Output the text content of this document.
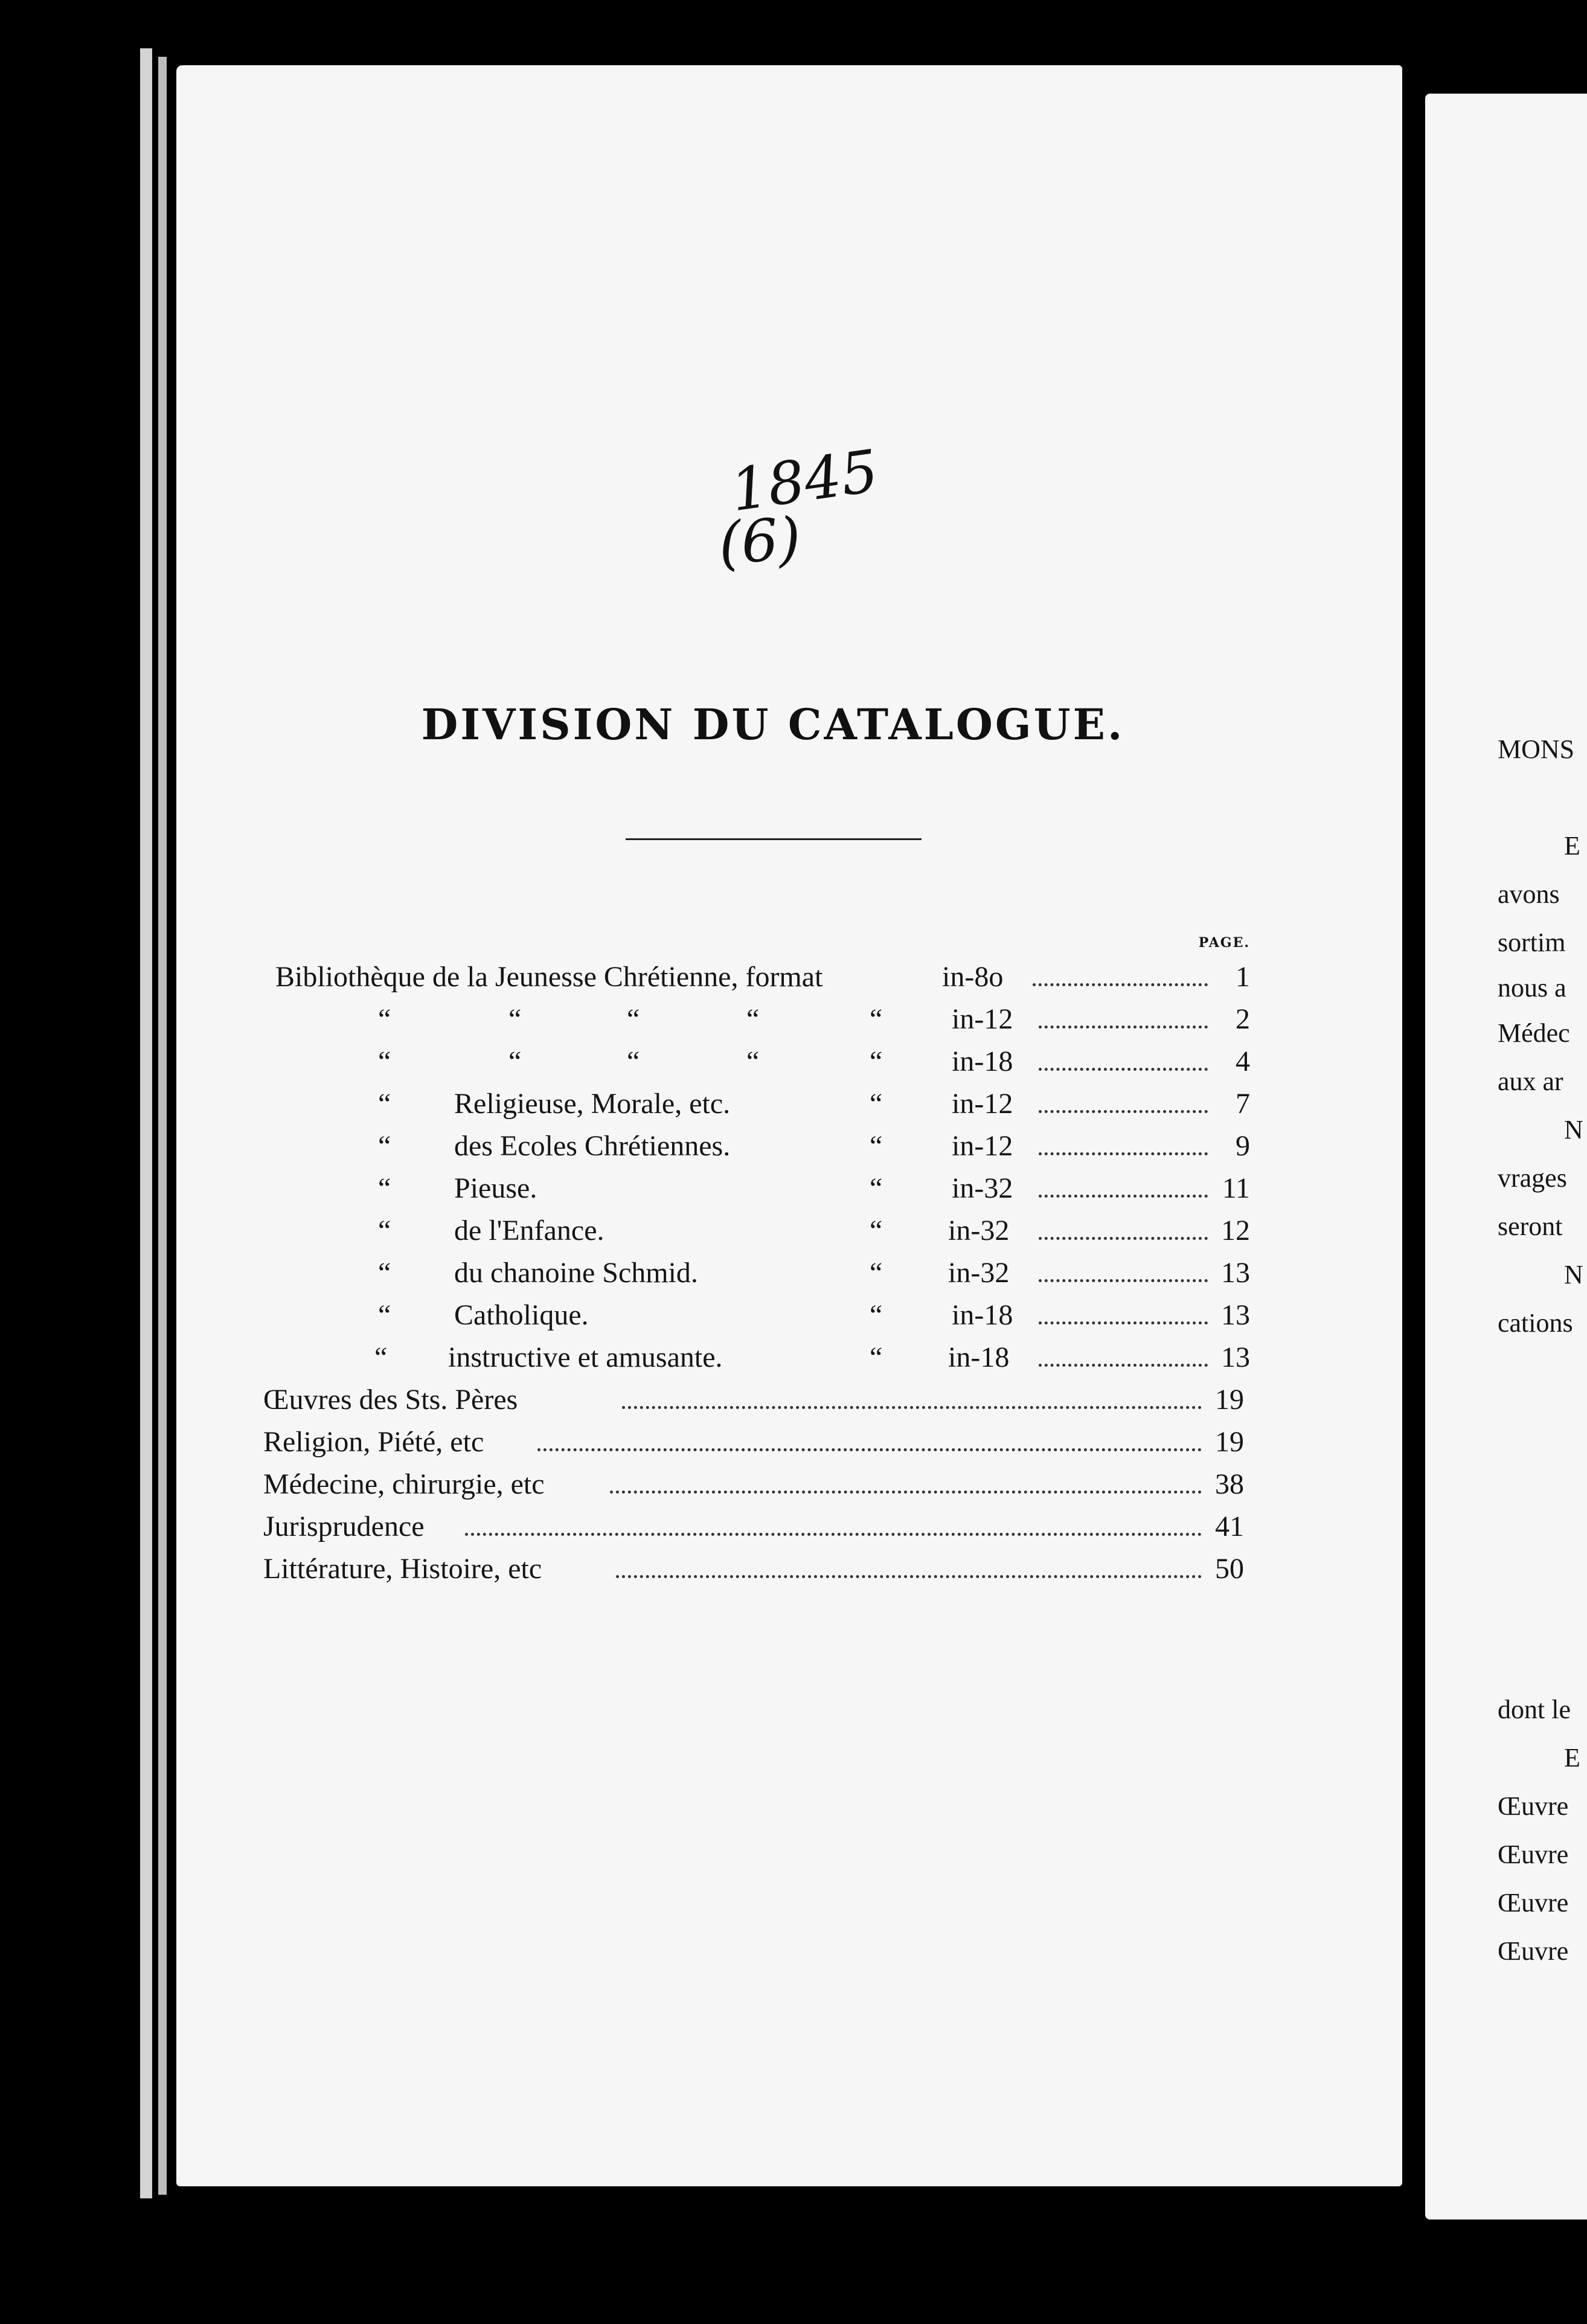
1845
(6)
DIVISION DU CATALOGUE.
PAGE.
Bibliothèque de la Jeunesse Chrétienne, format	in-8o	1
“	“	“	“	“ in-12	2
“	“	“	“	“ in-18	4
“ Religieuse, Morale, etc.	“ in-12	7
“ des Ecoles Chrétiennes.	“ in-12	9
“ Pieuse.	“ in-32	11
“ de l'Enfance.	“ in-32	12
“ du chanoine Schmid.	“ in-32	13
“ Catholique.	“ in-18	13
“ instructive et amusante.	“ in-18	13
Œuvres des Sts. Pères	19
Religion, Piété, etc	19
Médecine, chirurgie, etc	38
Jurisprudence	41
Littérature, Histoire, etc	50
MONS
E
avons
sortim
nous a
Médec
aux ar
N
vrages
seront
N
cations
dont le
E
Œuvre
Œuvre
Œuvre
Œuvre
